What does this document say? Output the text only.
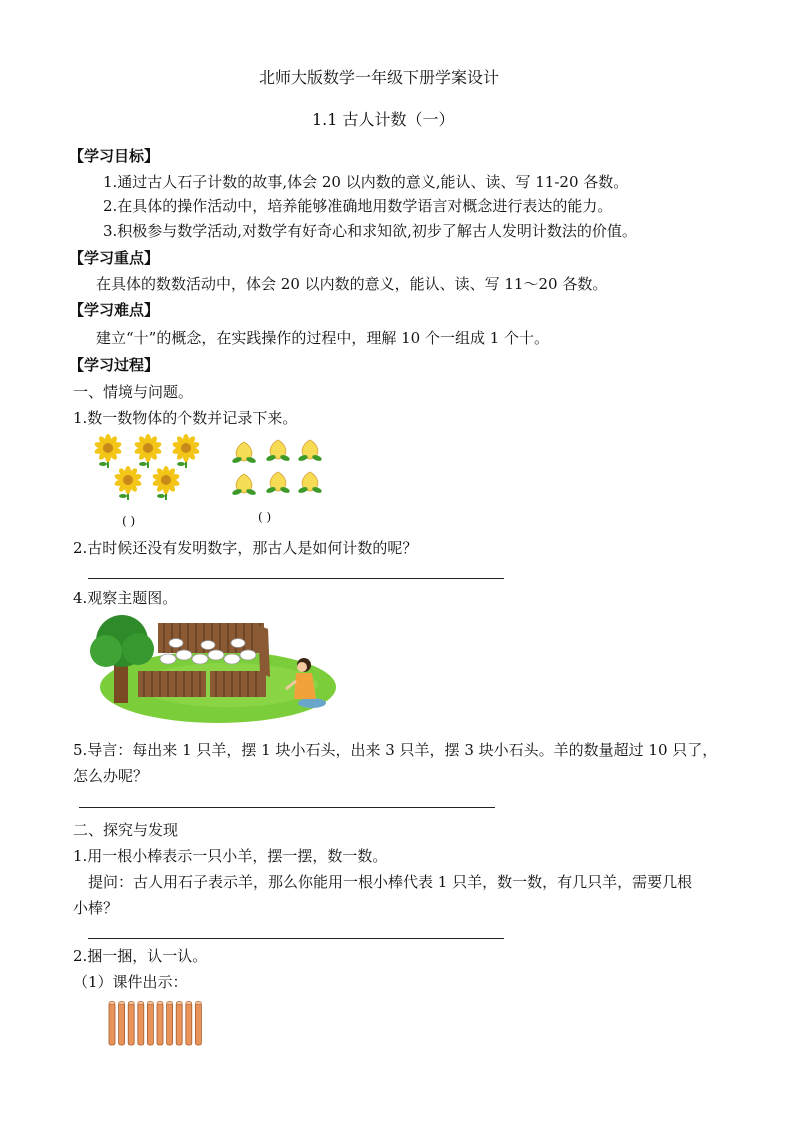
北师大版数学一年级下册学案设计
1.1 古人计数（一）
【学习目标】
1.通过古人石子计数的故事,体会 20 以内数的意义,能认、读、写 11-20 各数。
2.在具体的操作活动中，培养能够准确地用数学语言对概念进行表达的能力。
3.积极参与数学活动,对数学有好奇心和求知欲,初步了解古人发明计数法的价值。
【学习重点】
在具体的数数活动中，体会 20 以内数的意义，能认、读、写 11～20 各数。
【学习难点】
建立“十”的概念，在实践操作的过程中，理解 10 个一组成 1 个十。
【学习过程】
一、情境与问题。
1.数一数物体的个数并记录下来。
( )	( )
2.古时候还没有发明数字，那古人是如何计数的呢？
4.观察主题图。
5.导言：每出来 1 只羊，摆 1 块小石头，出来 3 只羊，摆 3 块小石头。羊的数量超过 10 只了，
怎么办呢？
二、探究与发现
1.用一根小棒表示一只小羊，摆一摆，数一数。
提问：古人用石子表示羊，那么你能用一根小棒代表 1 只羊，数一数，有几只羊，需要几根
小棒？
2.捆一捆，认一认。
（1）课件出示：
